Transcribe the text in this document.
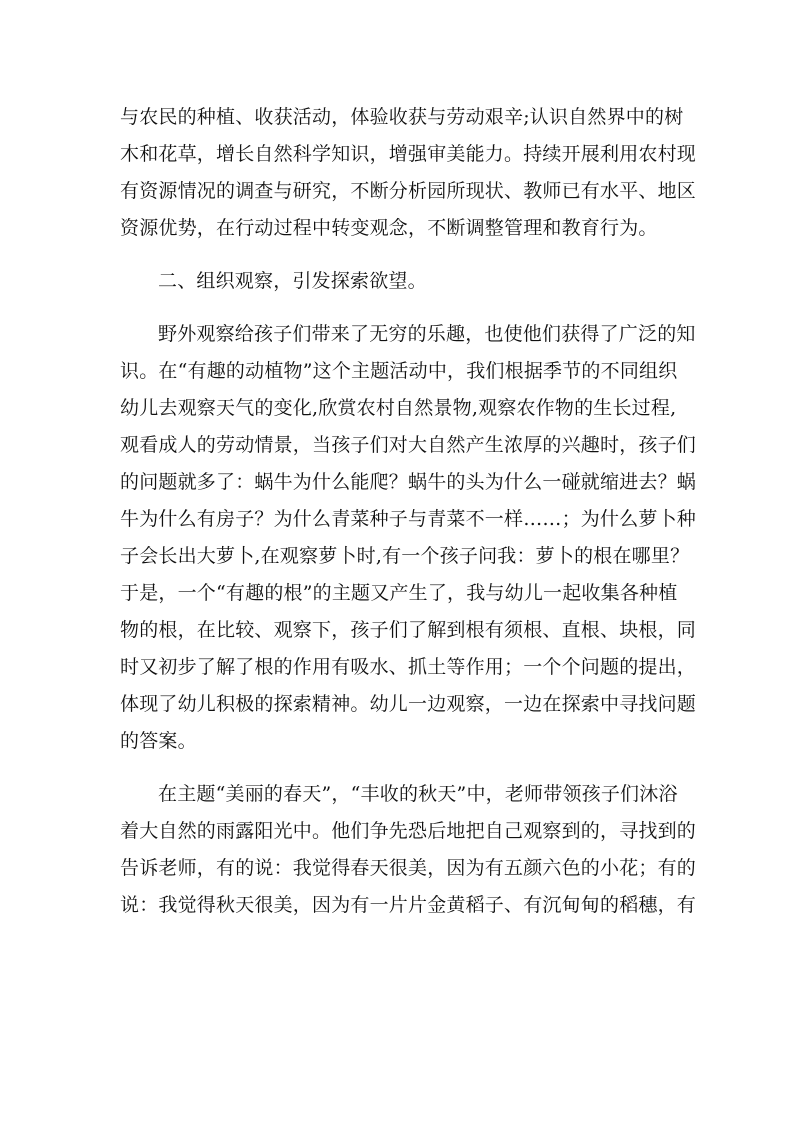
与农民的种植、收获活动，体验收获与劳动艰辛;认识自然界中的树
木和花草，增长自然科学知识，增强审美能力。持续开展利用农村现
有资源情况的调查与研究，不断分析园所现状、教师已有水平、地区
资源优势，在行动过程中转变观念，不断调整管理和教育行为。
二、组织观察，引发探索欲望。
野外观察给孩子们带来了无穷的乐趣，也使他们获得了广泛的知
识。在“有趣的动植物”这个主题活动中，我们根据季节的不同组织
幼儿去观察天气的变化,欣赏农村自然景物,观察农作物的生长过程,
观看成人的劳动情景，当孩子们对大自然产生浓厚的兴趣时，孩子们
的问题就多了：蜗牛为什么能爬？蜗牛的头为什么一碰就缩进去？蜗
牛为什么有房子？为什么青菜种子与青菜不一样……；为什么萝卜种
子会长出大萝卜,在观察萝卜时,有一个孩子问我：萝卜的根在哪里？
于是，一个“有趣的根”的主题又产生了，我与幼儿一起收集各种植
物的根，在比较、观察下，孩子们了解到根有须根、直根、块根，同
时又初步了解了根的作用有吸水、抓土等作用；一个个问题的提出，
体现了幼儿积极的探索精神。幼儿一边观察，一边在探索中寻找问题
的答案。
在主题“美丽的春天”，“丰收的秋天”中，老师带领孩子们沐浴
着大自然的雨露阳光中。他们争先恐后地把自己观察到的，寻找到的
告诉老师，有的说：我觉得春天很美，因为有五颜六色的小花；有的
说：我觉得秋天很美，因为有一片片金黄稻子、有沉甸甸的稻穗，有
